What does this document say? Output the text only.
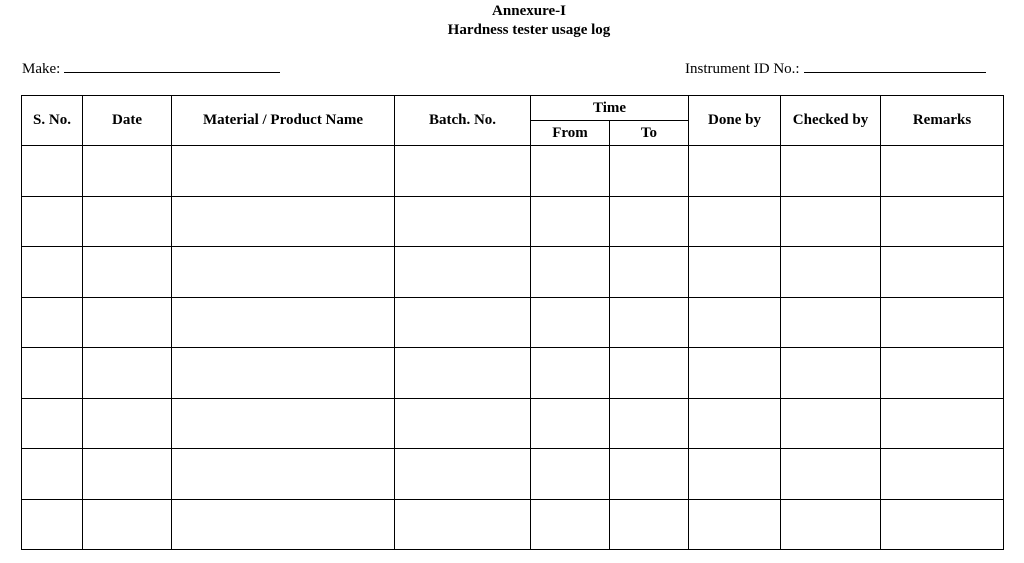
Annexure-I
Hardness tester usage log
Make:	Instrument ID No.:
S. No.	Date	Material / Product Name	Batch. No.	Time		Done by	Checked by	Remarks
				From	To			
